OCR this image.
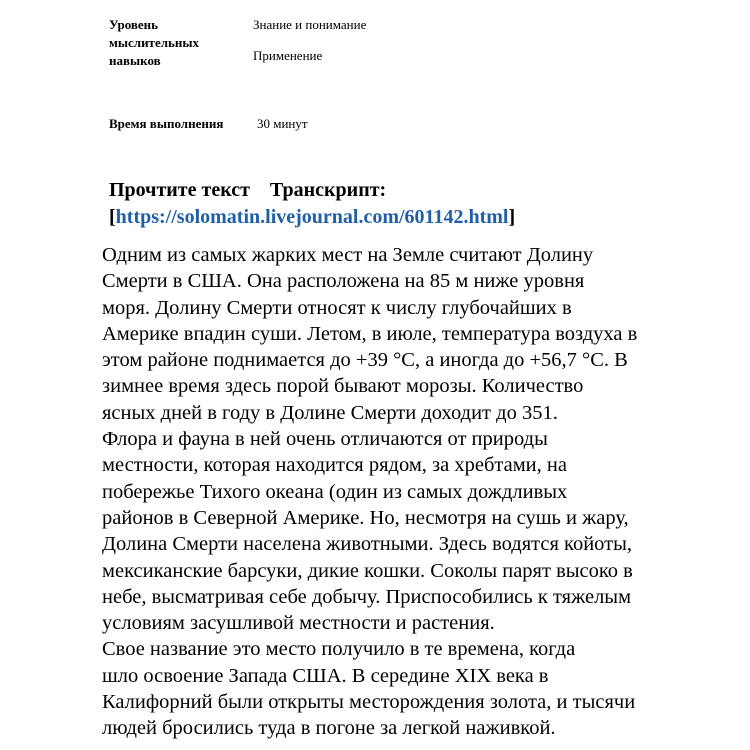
Уровень мыслительных навыков
Знание и понимание
Применение
Время выполнения	30 минут
Прочтите текст Транскрипт:
[https://solomatin.livejournal.com/601142.html]
Одним из самых жарких мест на Земле считают Долину
Смерти в США. Она расположена на 85 м ниже уровня
моря. Долину Смерти относят к числу глубочайших в
Америке впадин суши. Летом, в июле, температура воздуха в
этом районе поднимается до +39 °С, а иногда до +56,7 °С. В
зимнее время здесь порой бывают морозы. Количество
ясных дней в году в Долине Смерти доходит до 351.
Флора и фауна в ней очень отличаются от природы
местности, которая находится рядом, за хребтами, на
побережье Тихого океана (один из самых дождливых
районов в Северной Америке. Но, несмотря на сушь и жару,
Долина Смерти населена животными. Здесь водятся койоты,
мексиканские барсуки, дикие кошки. Соколы парят высоко в
небе, высматривая себе добычу. Приспособились к тяжелым
условиям засушливой местности и растения.
Свое название это место получило в те времена, когда
шло освоение Запада США. В середине XIX века в
Калифорний были открыты месторождения золота, и тысячи
людей бросились туда в погоне за легкой наживкой.
